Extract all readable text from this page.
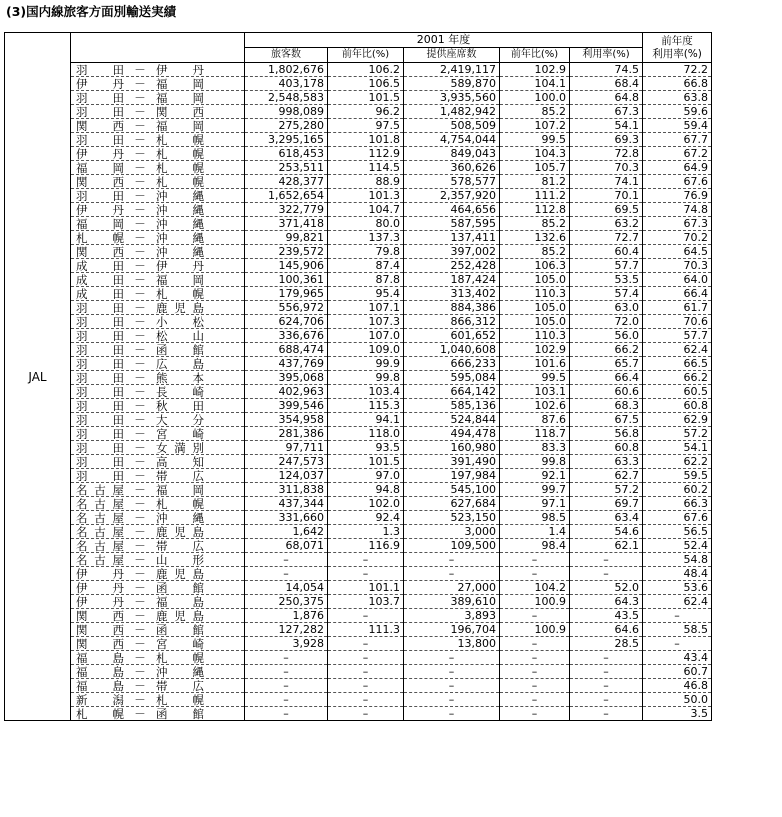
(3)国内線旅客方面別輸送実績
JAL		2001 年度					前年度
利用率(%)

		旅客数	前年比(%)	提供座席数	前年比(%)	利用率(%)	
	羽田 － 伊丹	1,802,676	106.2	2,419,117	102.9	74.5	72.2
	伊丹 － 福岡	403,178	106.5	589,870	104.1	68.4	66.8
	羽田 － 福岡	2,548,583	101.5	3,935,560	100.0	64.8	63.8
	羽田 － 関西	998,089	96.2	1,482,942	85.2	67.3	59.6
	関西 － 福岡	275,280	97.5	508,509	107.2	54.1	59.4
	羽田 － 札幌	3,295,165	101.8	4,754,044	99.5	69.3	67.7
	伊丹 － 札幌	618,453	112.9	849,043	104.3	72.8	67.2
	福岡 － 札幌	253,511	114.5	360,626	105.7	70.3	64.9
	関西 － 札幌	428,377	88.9	578,577	81.2	74.1	67.6
	羽田 － 沖縄	1,652,654	101.3	2,357,920	111.2	70.1	76.9
	伊丹 － 沖縄	322,779	104.7	464,656	112.8	69.5	74.8
	福岡 － 沖縄	371,418	80.0	587,595	85.2	63.2	67.3
	札幌 － 沖縄	99,821	137.3	137,411	132.6	72.7	70.2
	関西 － 沖縄	239,572	79.8	397,002	85.2	60.4	64.5
	成田 － 伊丹	145,906	87.4	252,428	106.3	57.7	70.3
	成田 － 福岡	100,361	87.8	187,424	105.0	53.5	64.0
	成田 － 札幌	179,965	95.4	313,402	110.3	57.4	66.4
	羽田 － 鹿児島	556,972	107.1	884,386	105.0	63.0	61.7
	羽田 － 小松	624,706	107.3	866,312	105.0	72.0	70.6
	羽田 － 松山	336,676	107.0	601,652	110.3	56.0	57.7
	羽田 － 函館	688,474	109.0	1,040,608	102.9	66.2	62.4
	羽田 － 広島	437,769	99.9	666,233	101.6	65.7	66.5
	羽田 － 熊本	395,068	99.8	595,084	99.5	66.4	66.2
	羽田 － 長崎	402,963	103.4	664,142	103.1	60.6	60.5
	羽田 － 秋田	399,546	115.3	585,136	102.6	68.3	60.8
	羽田 － 大分	354,958	94.1	524,844	87.6	67.5	62.9
	羽田 － 宮崎	281,386	118.0	494,478	118.7	56.8	57.2
	羽田 － 女満別	97,711	93.5	160,980	83.3	60.8	54.1
	羽田 － 高知	247,573	101.5	391,490	99.8	63.3	62.2
	羽田 － 帯広	124,037	97.0	197,984	92.1	62.7	59.5
	名古屋 － 福岡	311,838	94.8	545,100	99.7	57.2	60.2
	名古屋 － 札幌	437,344	102.0	627,684	97.1	69.7	66.3
	名古屋 － 沖縄	331,660	92.4	523,150	98.5	63.4	67.6
	名古屋 － 鹿児島	1,642	1.3	3,000	1.4	54.6	56.5
	名古屋 － 帯広	68,071	116.9	109,500	98.4	62.1	52.4
	名古屋 － 山形	–	–	–	–	–	54.8
	伊丹 － 鹿児島	–	–	–	–	–	48.4
	伊丹 － 函館	14,054	101.1	27,000	104.2	52.0	53.6
	伊丹 － 福島	250,375	103.7	389,610	100.9	64.3	62.4
	関西 － 鹿児島	1,876	–	3,893	–	43.5	–
	関西 － 函館	127,282	111.3	196,704	100.9	64.6	58.5
	関西 － 宮崎	3,928	–	13,800	–	28.5	–
	福島 － 札幌	–	–	–	–	–	43.4
	福島 － 沖縄	–	–	–	–	–	60.7
	福島 － 帯広	–	–	–	–	–	46.8
	新潟 － 札幌	–	–	–	–	–	50.0
	札幌 － 函館	–	–	–	–	–	3.5
